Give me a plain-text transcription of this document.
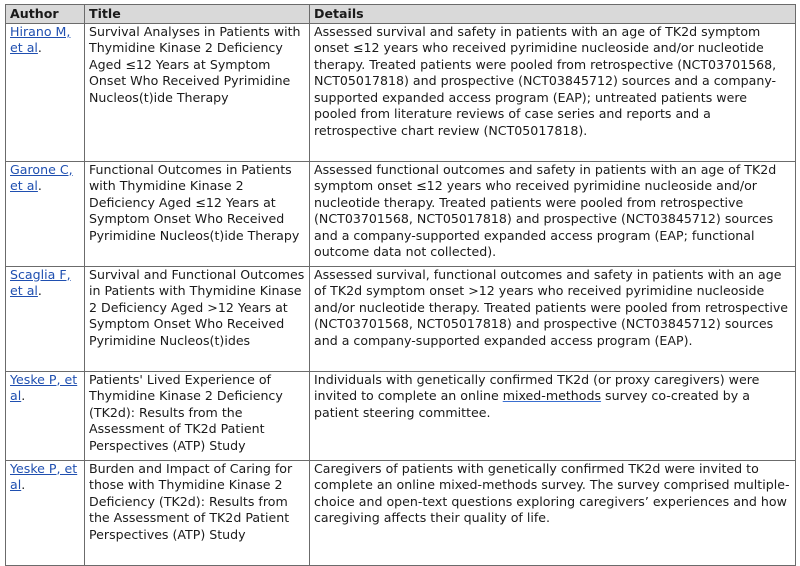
Author	Title	Details
Hirano M, et al.	Survival Analyses in Patients with Thymidine Kinase 2 Deficiency Aged ≤12 Years at Symptom Onset Who Received Pyrimidine Nucleos(t)ide Therapy	Assessed survival and safety in patients with an age of TK2d symptom onset ≤12 years who received pyrimidine nucleoside and/or nucleotide therapy. Treated patients were pooled from retrospective (NCT03701568, NCT05017818) and prospective (NCT03845712) sources and a company-supported expanded access program (EAP); untreated patients were pooled from literature reviews of case series and reports and a retrospective chart review (NCT05017818).
Garone C, et al.	Functional Outcomes in Patients with Thymidine Kinase 2 Deficiency Aged ≤12 Years at Symptom Onset Who Received Pyrimidine Nucleos(t)ide Therapy	Assessed functional outcomes and safety in patients with an age of TK2d symptom onset ≤12 years who received pyrimidine nucleoside and/or nucleotide therapy. Treated patients were pooled from retrospective (NCT03701568, NCT05017818) and prospective (NCT03845712) sources and a company-supported expanded access program (EAP; functional outcome data not collected).
Scaglia F, et al.	Survival and Functional Outcomes in Patients with Thymidine Kinase 2 Deficiency Aged >12 Years at Symptom Onset Who Received Pyrimidine Nucleos(t)ides	Assessed survival, functional outcomes and safety in patients with an age of TK2d symptom onset >12 years who received pyrimidine nucleoside and/or nucleotide therapy. Treated patients were pooled from retrospective (NCT03701568, NCT05017818) and prospective (NCT03845712) sources and a company-supported expanded access program (EAP).
Yeske P, et al.	Patients' Lived Experience of Thymidine Kinase 2 Deficiency (TK2d): Results from the Assessment of TK2d Patient Perspectives (ATP) Study	Individuals with genetically confirmed TK2d (or proxy caregivers) were invited to complete an online mixed-methods survey co-created by a patient steering committee.
Yeske P, et al.	Burden and Impact of Caring for those with Thymidine Kinase 2 Deficiency (TK2d): Results from the Assessment of TK2d Patient Perspectives (ATP) Study	Caregivers of patients with genetically confirmed TK2d were invited to complete an online mixed-methods survey. The survey comprised multiple-choice and open-text questions exploring caregivers’ experiences and how caregiving affects their quality of life.
